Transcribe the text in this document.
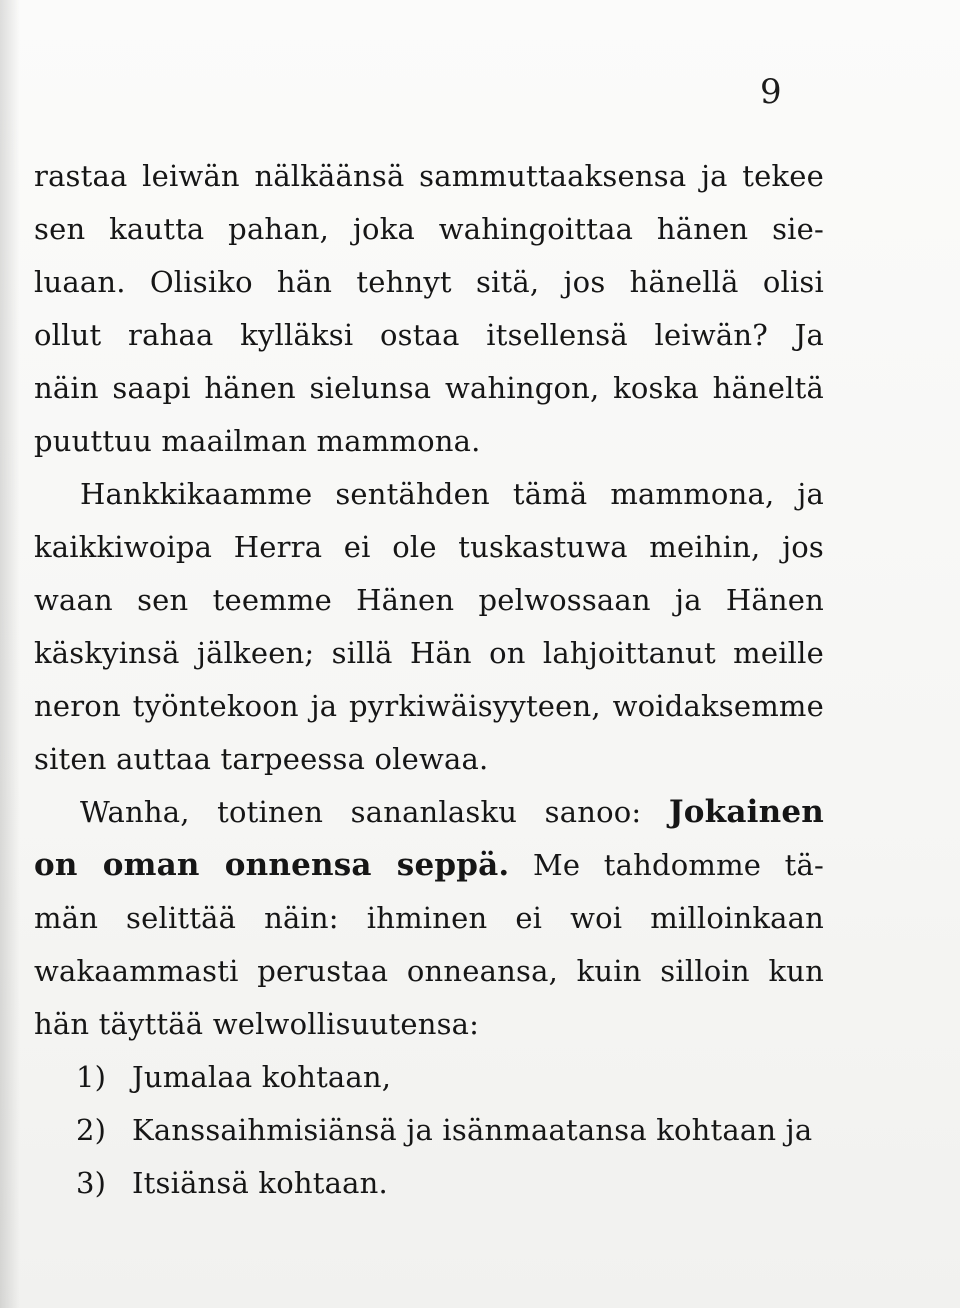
9
rastaa leiwän nälkäänsä sammuttaaksensa ja tekee
sen kautta pahan, joka wahingoittaa hänen sie-
luaan. Olisiko hän tehnyt sitä, jos hänellä olisi
ollut rahaa kylläksi ostaa itsellensä leiwän? Ja
näin saapi hänen sielunsa wahingon, koska häneltä
puuttuu maailman mammona.
Hankkikaamme sentähden tämä mammona, ja
kaikkiwoipa Herra ei ole tuskastuwa meihin, jos
waan sen teemme Hänen pelwossaan ja Hänen
käskyinsä jälkeen; sillä Hän on lahjoittanut meille
neron työntekoon ja pyrkiwäisyyteen, woidaksemme
siten auttaa tarpeessa olewaa.
Wanha, totinen sananlasku sanoo: Jokainen
on oman onnensa seppä. Me tahdomme tä-
män selittää näin: ihminen ei woi milloinkaan
wakaammasti perustaa onneansa, kuin silloin kun
hän täyttää welwollisuutensa:
1) Jumalaa kohtaan,
2) Kanssaihmisiänsä ja isänmaatansa kohtaan ja
3) Itsiänsä kohtaan.
